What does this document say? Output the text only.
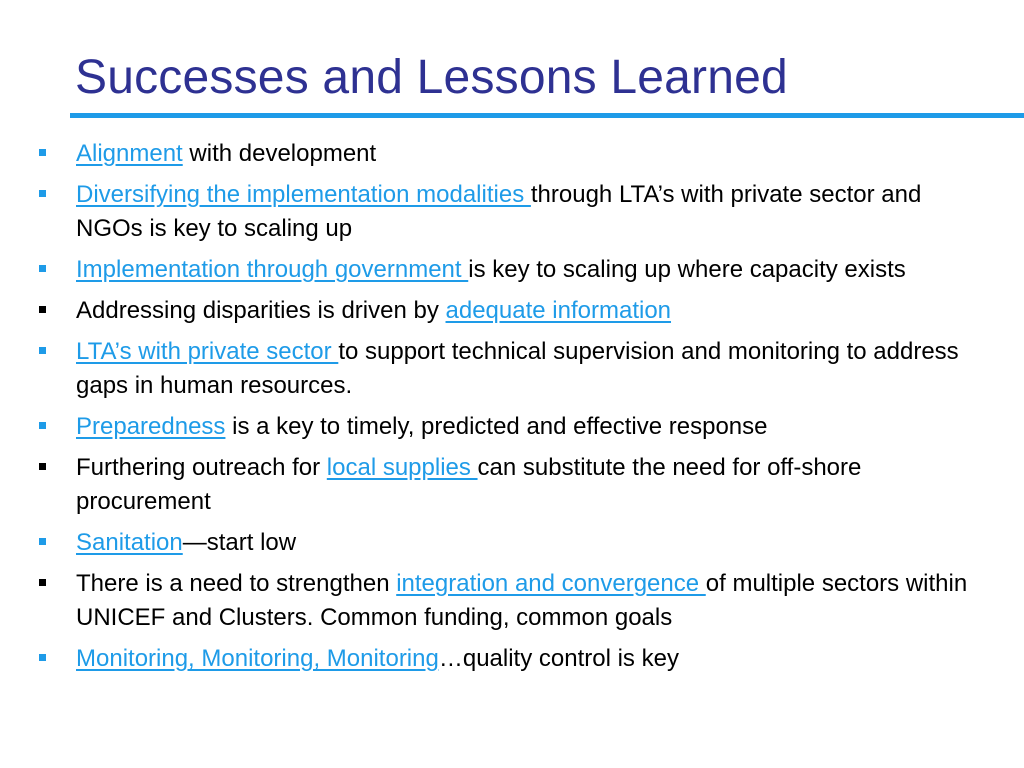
Successes and Lessons Learned
Alignment with development
Diversifying the implementation modalities through LTA’s with private sector and NGOs is key to scaling up
Implementation through government is key to scaling up where capacity exists
Addressing disparities is driven by adequate information
LTA’s with private sector to support technical supervision and monitoring to address gaps in human resources.
Preparedness is a key to timely, predicted and effective response
Furthering outreach for local supplies can substitute the need for off-shore procurement
Sanitation—start low
There is a need to strengthen integration and convergence of multiple sectors within UNICEF and Clusters. Common funding, common goals
Monitoring, Monitoring, Monitoring…quality control is key
